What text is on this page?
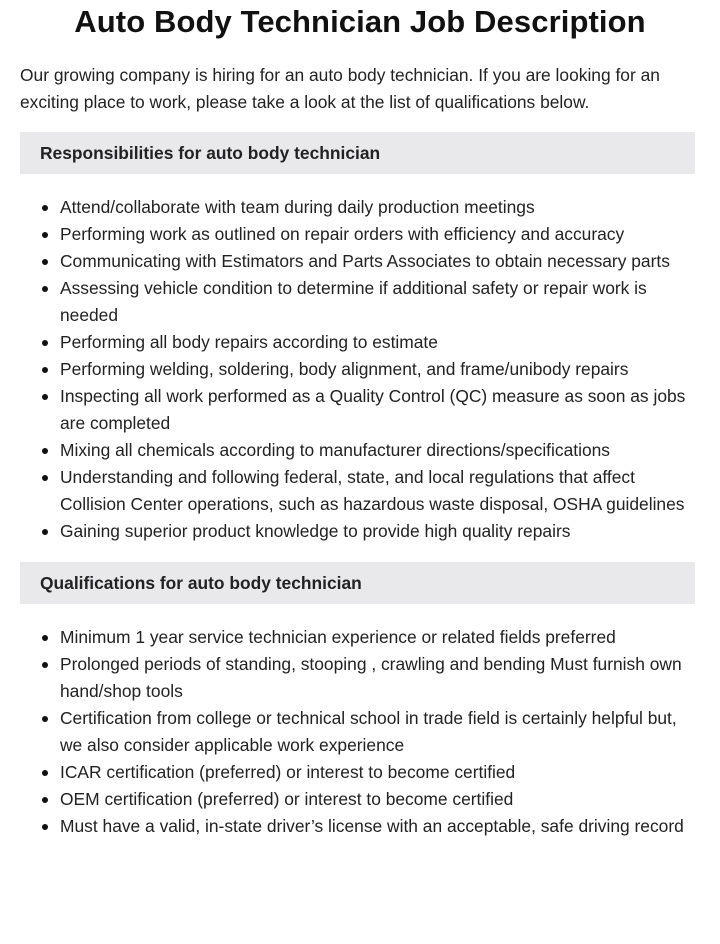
Auto Body Technician Job Description

Our growing company is hiring for an auto body technician. If you are looking for an exciting place to work, please take a look at the list of qualifications below.

Responsibilities for auto body technician
Attend/collaborate with team during daily production meetings
Performing work as outlined on repair orders with efficiency and accuracy
Communicating with Estimators and Parts Associates to obtain necessary parts
Assessing vehicle condition to determine if additional safety or repair work is needed
Performing all body repairs according to estimate
Performing welding, soldering, body alignment, and frame/unibody repairs
Inspecting all work performed as a Quality Control (QC) measure as soon as jobs are completed
Mixing all chemicals according to manufacturer directions/specifications
Understanding and following federal, state, and local regulations that affect Collision Center operations, such as hazardous waste disposal, OSHA guidelines
Gaining superior product knowledge to provide high quality repairs
Qualifications for auto body technician
Minimum 1 year service technician experience or related fields preferred
Prolonged periods of standing, stooping , crawling and bending Must furnish own hand/shop tools
Certification from college or technical school in trade field is certainly helpful but, we also consider applicable work experience
ICAR certification (preferred) or interest to become certified
OEM certification (preferred) or interest to become certified
Must have a valid, in-state driver’s license with an acceptable, safe driving record
